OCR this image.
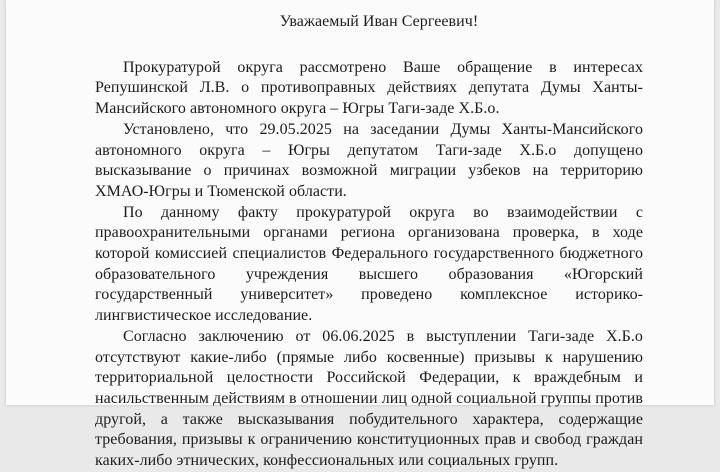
Уважаемый Иван Сергеевич!

Прокуратурой округа рассмотрено Ваше обращение в интересах Репушинской Л.В. о противоправных действиях депутата Думы Ханты-Мансийского автономного округа – Югры Таги-заде Х.Б.о.

Установлено, что 29.05.2025 на заседании Думы Ханты-Мансийского автономного округа – Югры депутатом Таги-заде Х.Б.о допущено высказывание о причинах возможной миграции узбеков на территорию ХМАО-Югры и Тюменской области.

По данному факту прокуратурой округа во взаимодействии с правоохранительными органами региона организована проверка, в ходе которой комиссией специалистов Федерального государственного бюджетного образовательного учреждения высшего образования «Югорский государственный университет» проведено комплексное историко-лингвистическое исследование.

Согласно заключению от 06.06.2025 в выступлении Таги-заде Х.Б.о отсутствуют какие-либо (прямые либо косвенные) призывы к нарушению территориальной целостности Российской Федерации, к враждебным и насильственным действиям в отношении лиц одной социальной группы против другой, а также высказывания побудительного характера, содержащие требования, призывы к ограничению конституционных прав и свобод граждан каких-либо этнических, конфессиональных или социальных групп.
